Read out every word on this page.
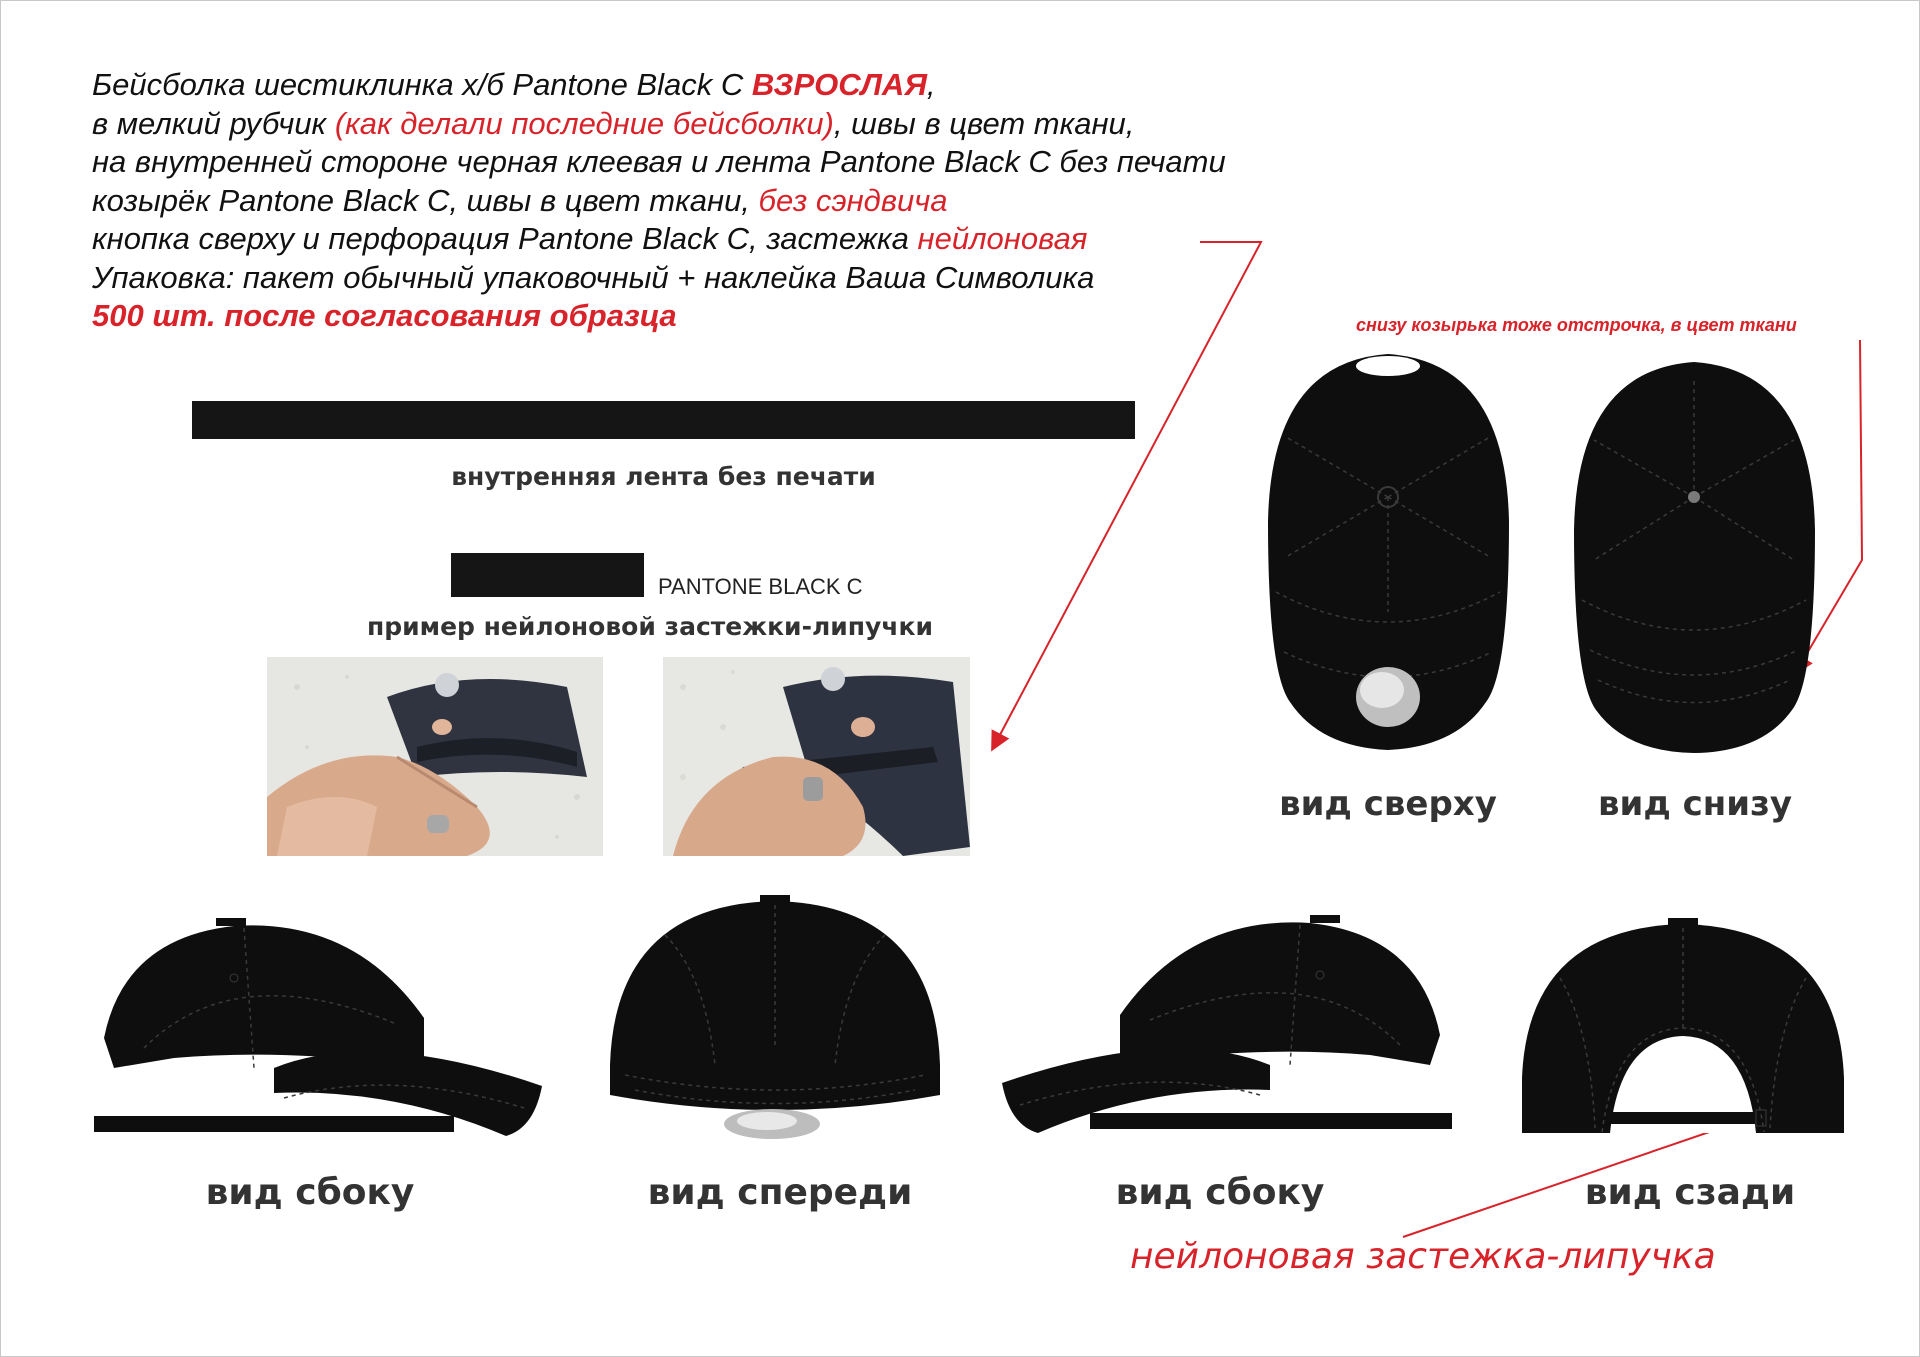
Бейсболка шестиклинка х/б Pantone Black C ВЗРОСЛАЯ,
в мелкий рубчик (как делали последние бейсболки), швы в цвет ткани,
на внутренней стороне черная клеевая и лента Pantone Black C без печати
козырёк Pantone Black C, швы в цвет ткани, без сэндвича
кнопка сверху и перфорация Pantone Black C, застежка нейлоновая
Упаковка: пакет обычный упаковочный + наклейка Ваша Символика
500 шт. после согласования образца
внутренняя лента без печати
PANTONE BLACK C
пример нейлоновой застежки-липучки
снизу козырька тоже отстрочка, в цвет ткани
вид сверху	вид снизу
вид сбоку	вид спереди	вид сбоку	вид сзади
нейлоновая застежка-липучка
